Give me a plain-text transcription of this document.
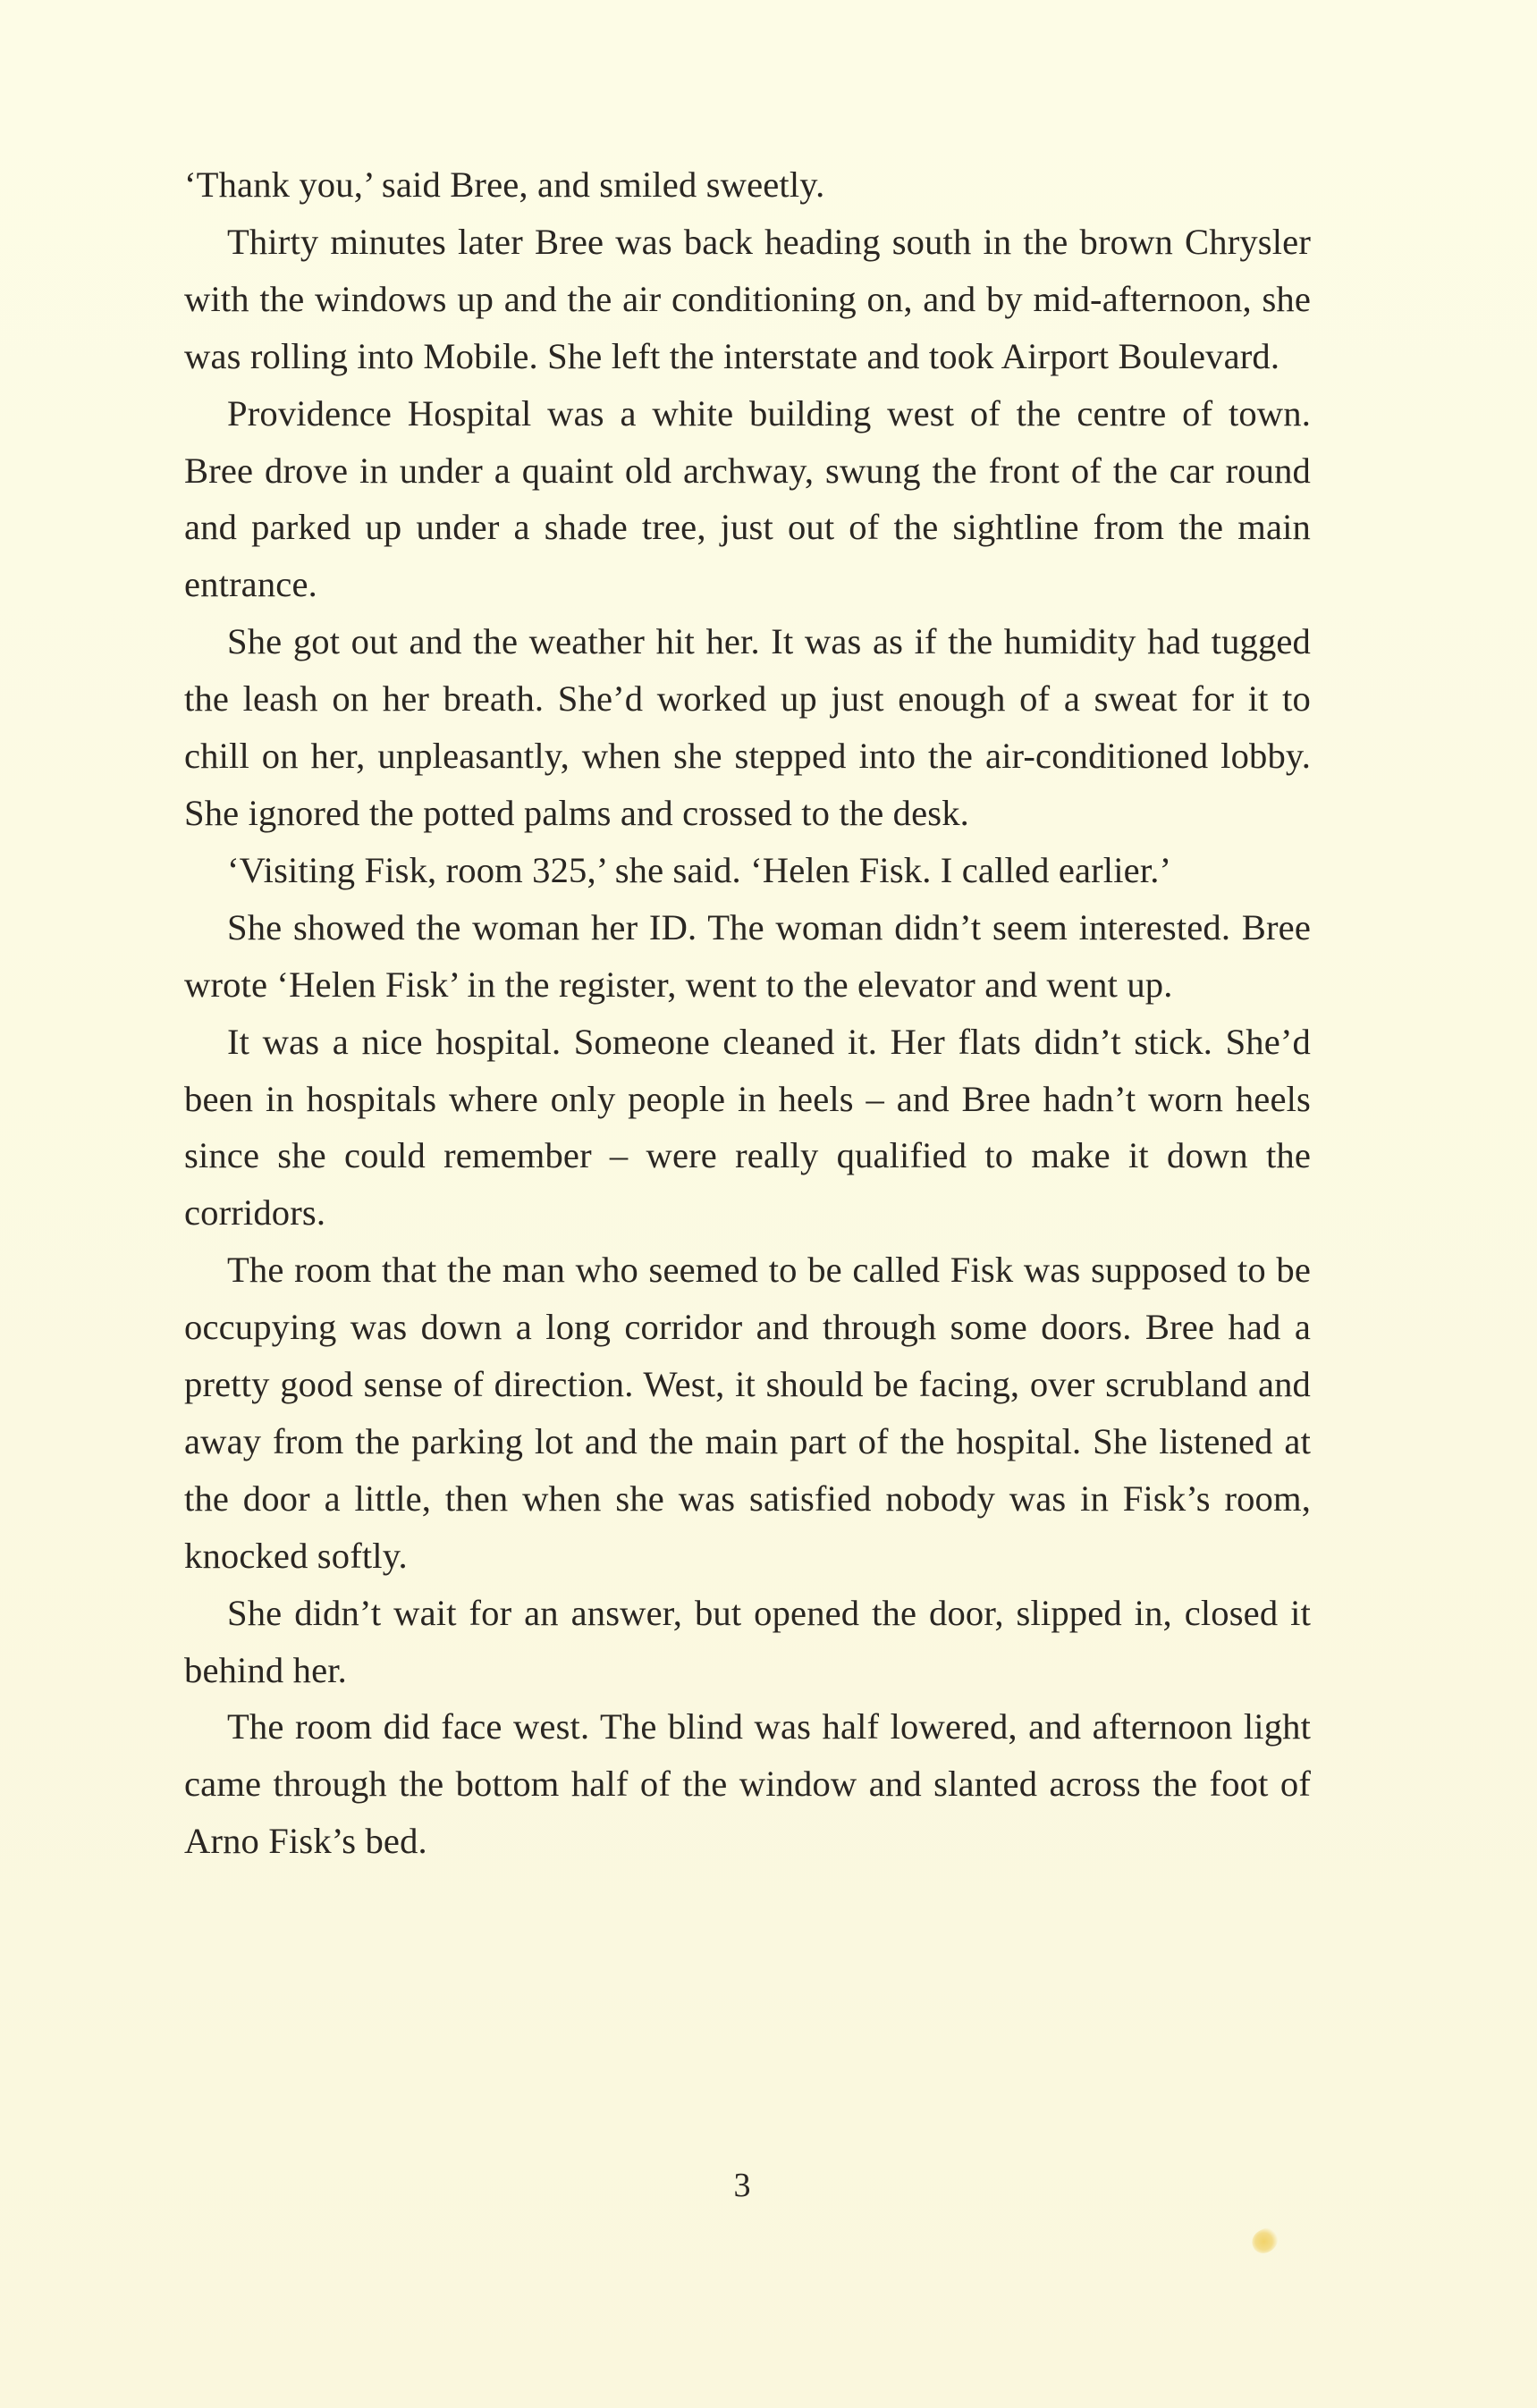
‘Thank you,’ said Bree, and smiled sweetly.

Thirty minutes later Bree was back heading south in the brown Chrysler with the windows up and the air conditioning on, and by mid-afternoon, she was rolling into Mobile. She left the interstate and took Airport Boulevard.

Providence Hospital was a white building west of the centre of town. Bree drove in under a quaint old archway, swung the front of the car round and parked up under a shade tree, just out of the sightline from the main entrance.

She got out and the weather hit her. It was as if the humidity had tugged the leash on her breath. She’d worked up just enough of a sweat for it to chill on her, unpleasantly, when she stepped into the air-conditioned lobby. She ignored the potted palms and crossed to the desk.

‘Visiting Fisk, room 325,’ she said. ‘Helen Fisk. I called earlier.’

She showed the woman her ID. The woman didn’t seem interested. Bree wrote ‘Helen Fisk’ in the register, went to the elevator and went up.

It was a nice hospital. Someone cleaned it. Her flats didn’t stick. She’d been in hospitals where only people in heels – and Bree hadn’t worn heels since she could remember – were really qualified to make it down the corridors.

The room that the man who seemed to be called Fisk was supposed to be occupying was down a long corridor and through some doors. Bree had a pretty good sense of direction. West, it should be facing, over scrubland and away from the parking lot and the main part of the hospital. She listened at the door a little, then when she was satisfied nobody was in Fisk’s room, knocked softly.

She didn’t wait for an answer, but opened the door, slipped in, closed it behind her.

The room did face west. The blind was half lowered, and afternoon light came through the bottom half of the window and slanted across the foot of Arno Fisk’s bed.

3
